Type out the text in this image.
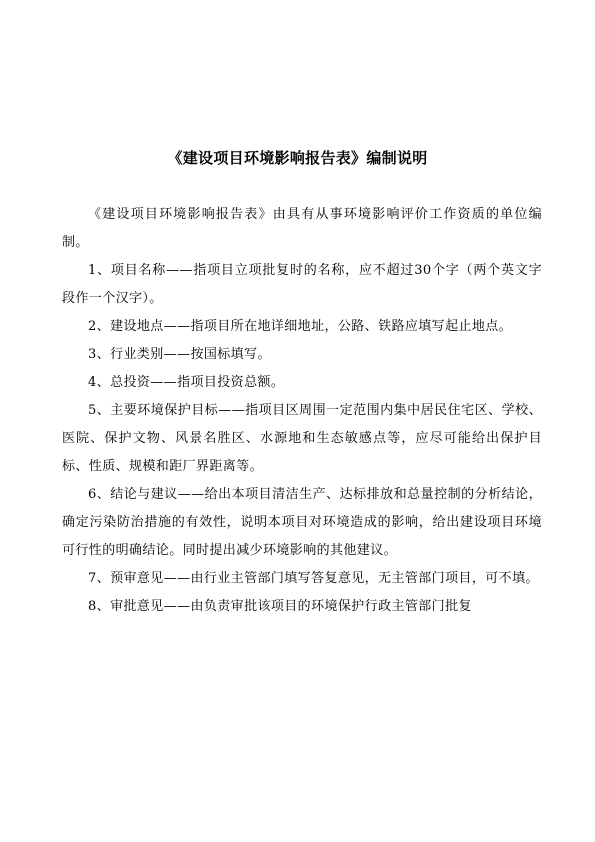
《建设项目环境影响报告表》编制说明

《建设项目环境影响报告表》由具有从事环境影响评价工作资质的单位编制。

1、项目名称——指项目立项批复时的名称，应不超过30个字（两个英文字段作一个汉字）。

2、建设地点——指项目所在地详细地址，公路、铁路应填写起止地点。

3、行业类别——按国标填写。

4、总投资——指项目投资总额。

5、主要环境保护目标——指项目区周围一定范围内集中居民住宅区、学校、医院、保护文物、风景名胜区、水源地和生态敏感点等，应尽可能给出保护目标、性质、规模和距厂界距离等。

6、结论与建议——给出本项目清洁生产、达标排放和总量控制的分析结论，确定污染防治措施的有效性，说明本项目对环境造成的影响，给出建设项目环境可行性的明确结论。同时提出减少环境影响的其他建议。

7、预审意见——由行业主管部门填写答复意见，无主管部门项目，可不填。

8、审批意见——由负责审批该项目的环境保护行政主管部门批复
